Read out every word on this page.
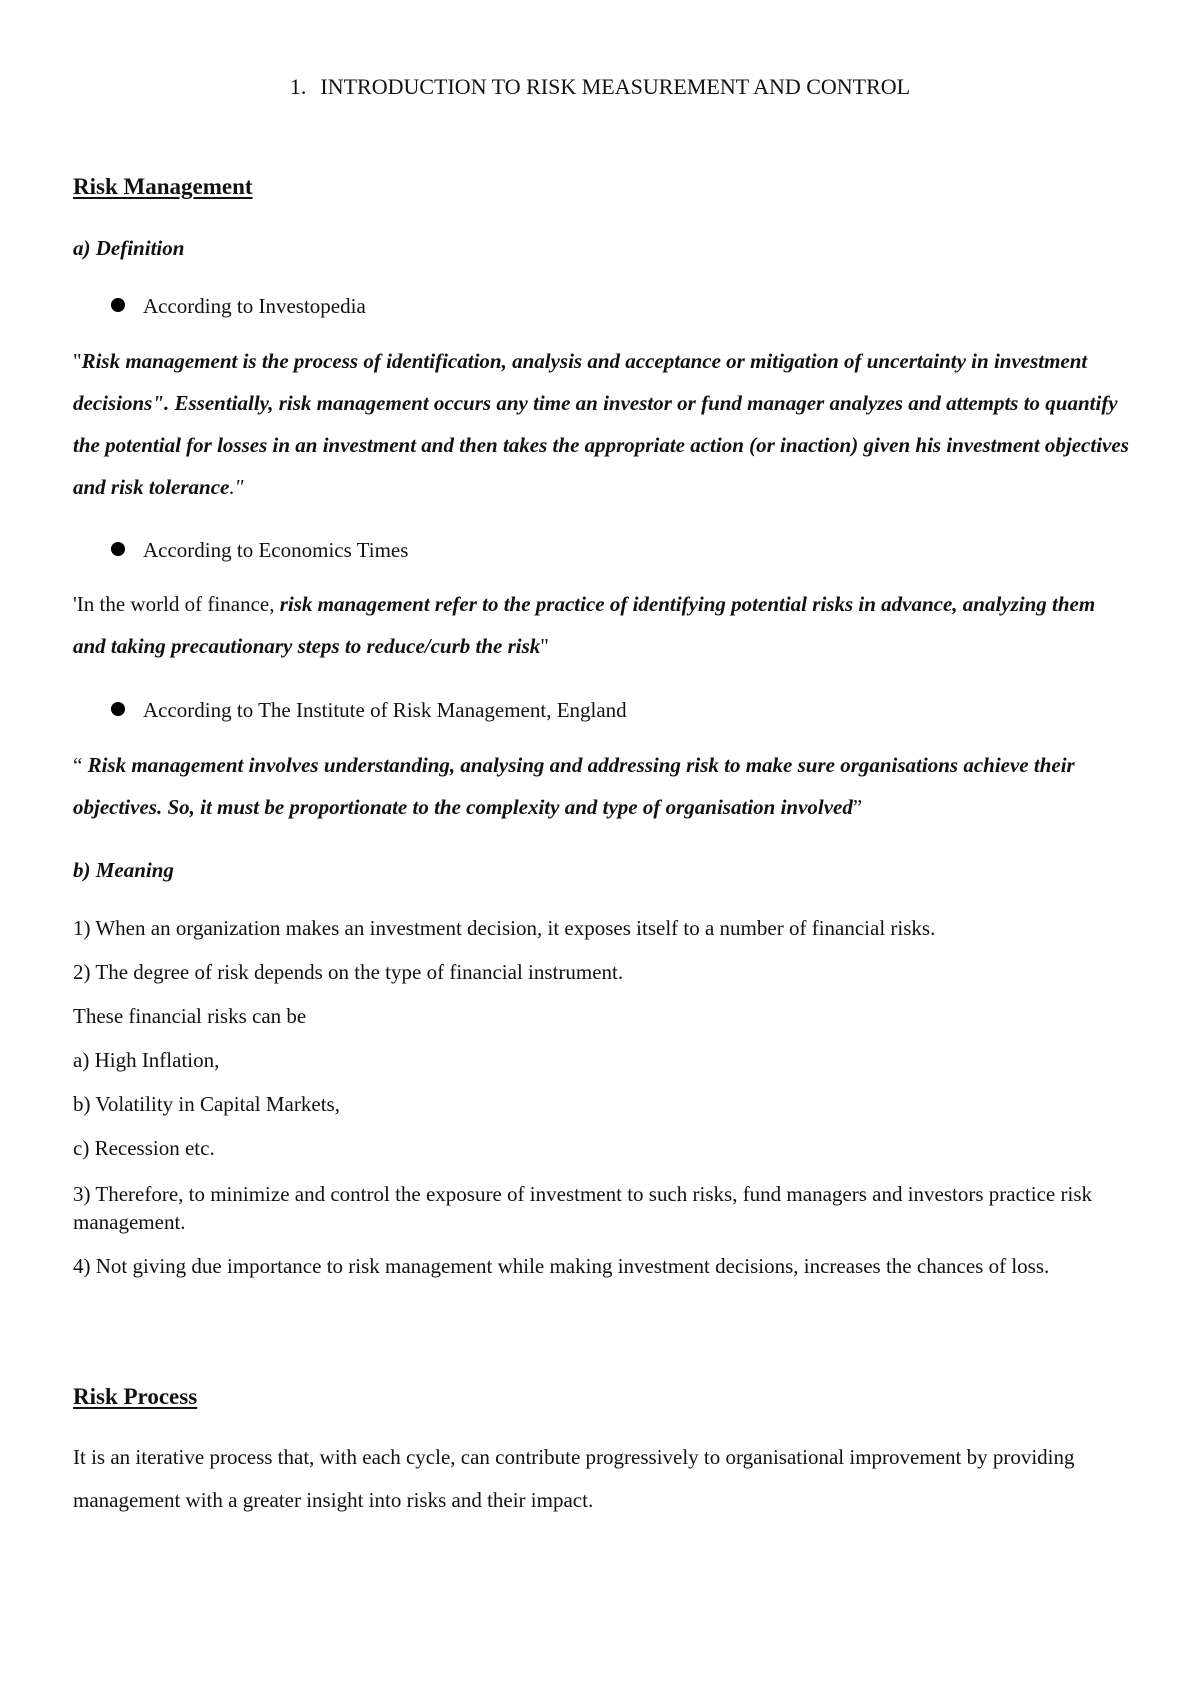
1. INTRODUCTION TO RISK MEASUREMENT AND CONTROL
Risk Management
a) Definition
According to Investopedia
"Risk management is the process of identification, analysis and acceptance or mitigation of uncertainty in investment decisions". Essentially, risk management occurs any time an investor or fund manager analyzes and attempts to quantify the potential for losses in an investment and then takes the appropriate action (or inaction) given his investment objectives and risk tolerance."
According to Economics Times
'In the world of finance, risk management refer to the practice of identifying potential risks in advance, analyzing them and taking precautionary steps to reduce/curb the risk"
According to The Institute of Risk Management, England
“ Risk management involves understanding, analysing and addressing risk to make sure organisations achieve their objectives. So, it must be proportionate to the complexity and type of organisation involved”
b) Meaning
1) When an organization makes an investment decision, it exposes itself to a number of financial risks.
2) The degree of risk depends on the type of financial instrument.
These financial risks can be
a) High Inflation,
b) Volatility in Capital Markets,
c) Recession etc.
3) Therefore, to minimize and control the exposure of investment to such risks, fund managers and investors practice risk management.
4) Not giving due importance to risk management while making investment decisions, increases the chances of loss.
Risk Process
It is an iterative process that, with each cycle, can contribute progressively to organisational improvement by providing management with a greater insight into risks and their impact.
